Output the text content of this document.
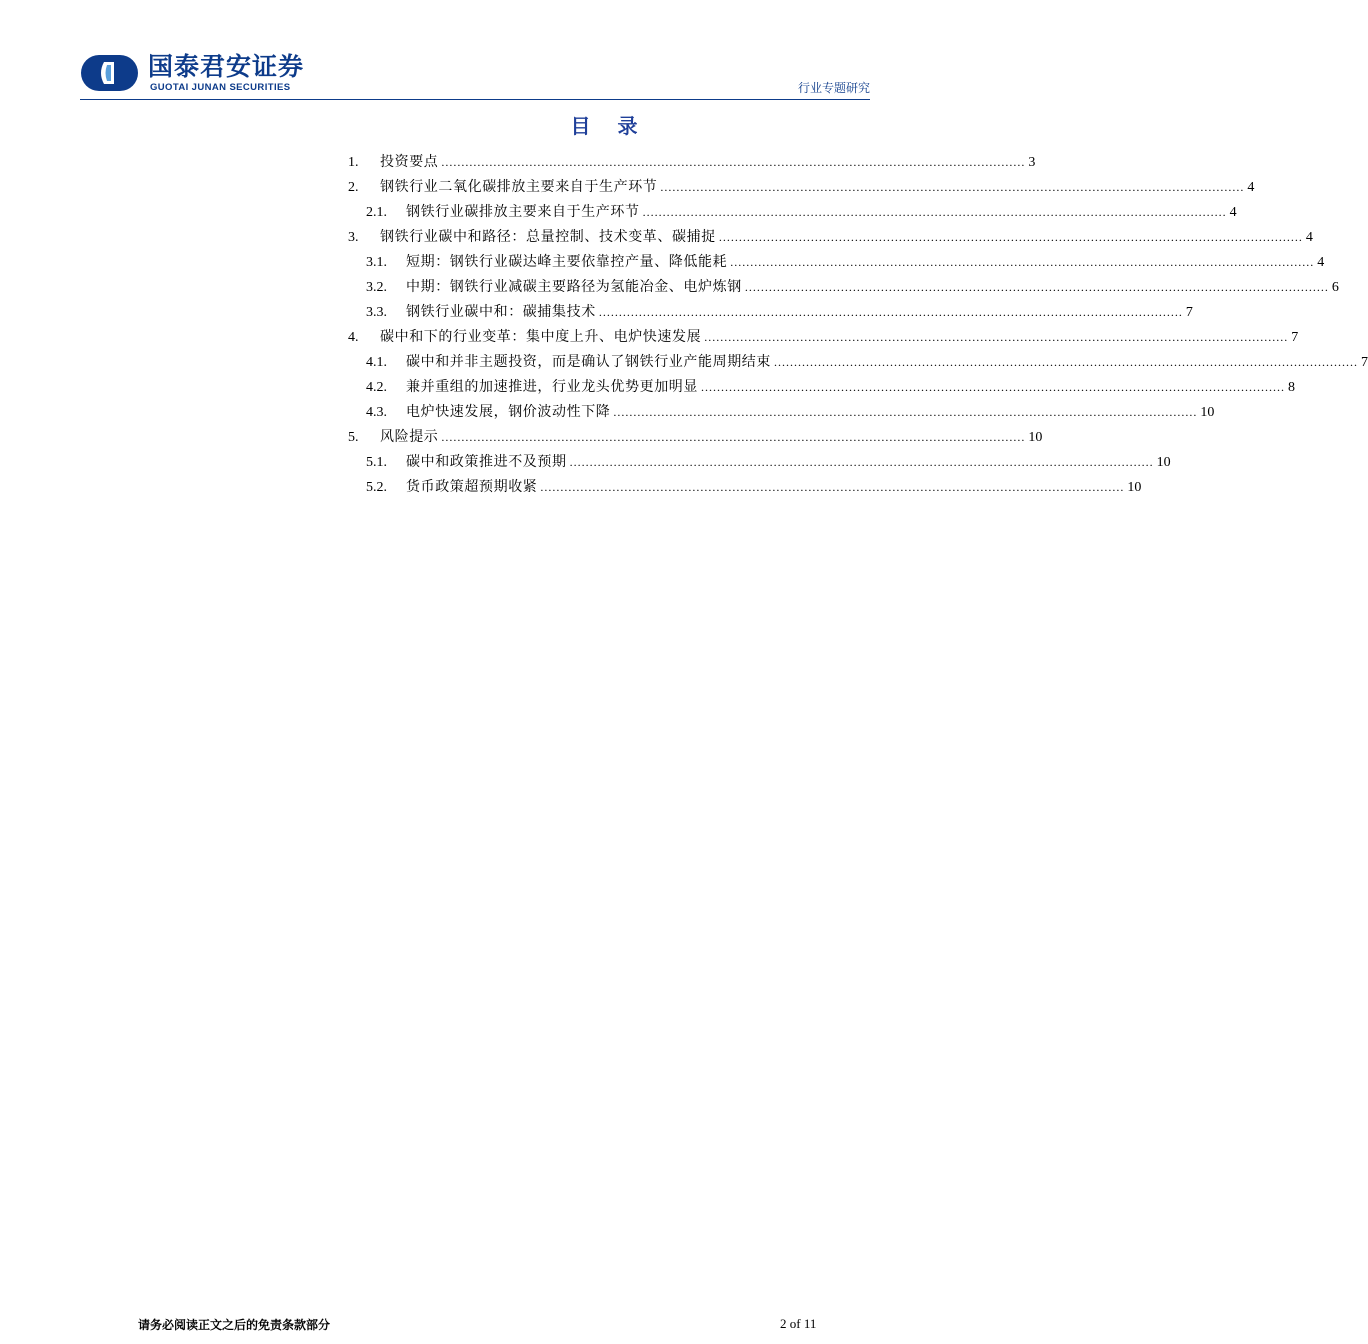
国泰君安证券
GUOTAI JUNAN SECURITIES	行业专题研究
目 录
1.	投资要点 .................................................................................................................................................. 3
2.	钢铁行业二氧化碳排放主要来自于生产环节 .................................................................................................................................................. 4
2.1.	钢铁行业碳排放主要来自于生产环节 .................................................................................................................................................. 4
3.	钢铁行业碳中和路径：总量控制、技术变革、碳捕捉 .................................................................................................................................................. 4
3.1.	短期：钢铁行业碳达峰主要依靠控产量、降低能耗 .................................................................................................................................................. 4
3.2.	中期：钢铁行业减碳主要路径为氢能冶金、电炉炼钢 .................................................................................................................................................. 6
3.3.	钢铁行业碳中和：碳捕集技术 .................................................................................................................................................. 7
4.	碳中和下的行业变革：集中度上升、电炉快速发展 .................................................................................................................................................. 7
4.1.	碳中和并非主题投资，而是确认了钢铁行业产能周期结束 .................................................................................................................................................. 7
4.2.	兼并重组的加速推进，行业龙头优势更加明显 .................................................................................................................................................. 8
4.3.	电炉快速发展，钢价波动性下降 .................................................................................................................................................. 10
5.	风险提示 .................................................................................................................................................. 10
5.1.	碳中和政策推进不及预期 .................................................................................................................................................. 10
5.2.	货币政策超预期收紧 .................................................................................................................................................. 10
请务必阅读正文之后的免责条款部分	2 of 11
